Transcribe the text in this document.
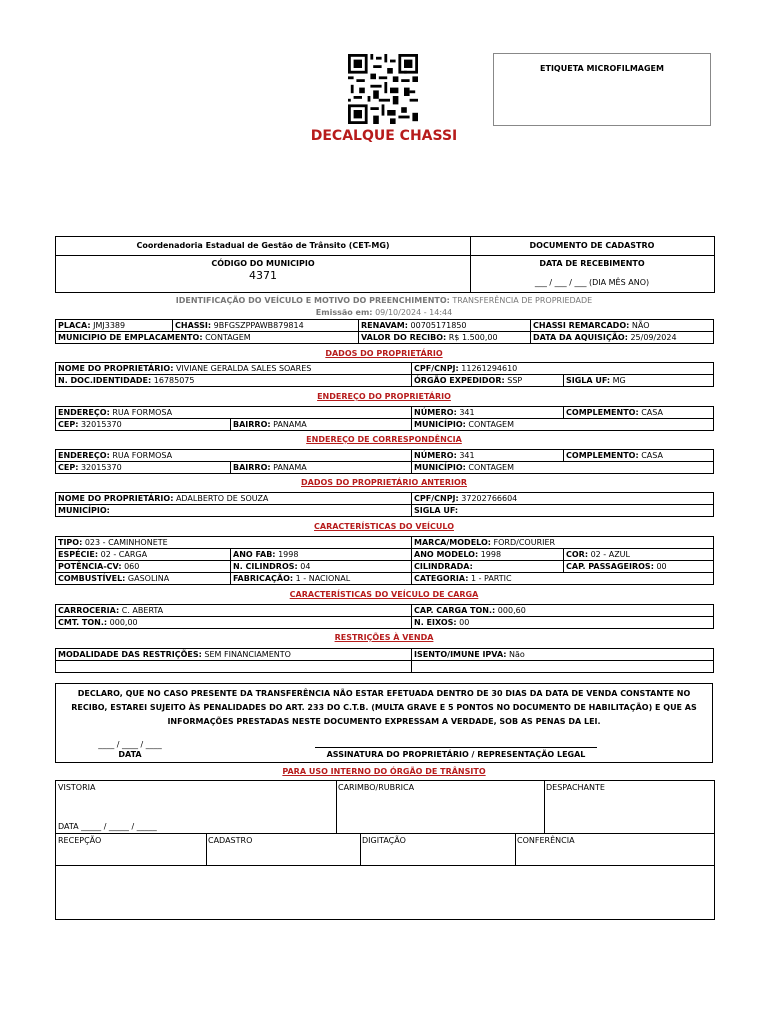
DECALQUE CHASSI
ETIQUETA MICROFILMAGEM
Coordenadoria Estadual de Gestão de Trânsito (CET-MG)	DOCUMENTO DE CADASTRO
CÓDIGO DO MUNICIPIO
4371
DATA DE RECEBIMENTO
___ / ___ / ___ (DIA MÊS ANO)
IDENTIFICAÇÃO DO VEÍCULO E MOTIVO DO PREENCHIMENTO: TRANSFERÊNCIA DE PROPRIEDADE
Emissão em: 09/10/2024 - 14:44
PLACA: JMJ3389	CHASSI: 9BFGSZPPAWB879814	RENAVAM: 00705171850	CHASSI REMARCADO: NÃO
MUNICIPIO DE EMPLACAMENTO: CONTAGEM		VALOR DO RECIBO: R$ 1.500,00	DATA DA AQUISIÇÃO: 25/09/2024
DADOS DO PROPRIETÁRIO
NOME DO PROPRIETÁRIO: VIVIANE GERALDA SALES SOARES	CPF/CNPJ: 11261294610	
N. DOC.IDENTIDADE: 16785075	ÓRGÃO EXPEDIDOR: SSP	SIGLA UF: MG
ENDEREÇO DO PROPRIETÁRIO
ENDEREÇO: RUA FORMOSA		NÚMERO: 341	COMPLEMENTO: CASA
CEP: 32015370	BAIRRO: PANAMA	MUNICÍPIO: CONTAGEM	
ENDEREÇO DE CORRESPONDÊNCIA
ENDEREÇO: RUA FORMOSA		NÚMERO: 341	COMPLEMENTO: CASA
CEP: 32015370	BAIRRO: PANAMA	MUNICÍPIO: CONTAGEM	
DADOS DO PROPRIETÁRIO ANTERIOR
NOME DO PROPRIETÁRIO: ADALBERTO DE SOUZA	CPF/CNPJ: 37202766604
MUNICÍPIO:	SIGLA UF:
CARACTERÍSTICAS DO VEÍCULO
TIPO: 023 - CAMINHONETE		MARCA/MODELO: FORD/COURIER	
ESPÉCIE: 02 - CARGA	ANO FAB: 1998	ANO MODELO: 1998	COR: 02 - AZUL
POTÊNCIA-CV: 060	N. CILINDROS: 04	CILINDRADA:	CAP. PASSAGEIROS: 00
COMBUSTÍVEL: GASOLINA	FABRICAÇÃO: 1 - NACIONAL	CATEGORIA: 1 - PARTIC	
CARACTERÍSTICAS DO VEÍCULO DE CARGA
CARROCERIA: C. ABERTA	CAP. CARGA TON.: 000,60
CMT. TON.: 000,00	N. EIXOS: 00
RESTRIÇÕES À VENDA
MODALIDADE DAS RESTRIÇÕES: SEM FINANCIAMENTO	ISENTO/IMUNE IPVA: Não

DECLARO, QUE NO CASO PRESENTE DA TRANSFERÊNCIA NÃO ESTAR EFETUADA DENTRO DE 30 DIAS DA DATA DE VENDA CONSTANTE NO RECIBO, ESTAREI SUJEITO ÀS PENALIDADES DO ART. 233 DO C.T.B. (MULTA GRAVE E 5 PONTOS NO DOCUMENTO DE HABILITAÇÃO) E QUE AS INFORMAÇÕES PRESTADAS NESTE DOCUMENTO EXPRESSAM A VERDADE, SOB AS PENAS DA LEI.

____ / ____ / ____
DATA	ASSINATURA DO PROPRIETÁRIO / REPRESENTAÇÃO LEGAL
PARA USO INTERNO DO ÓRGÃO DE TRÂNSITO
VISTORIA	CARIMBO/RUBRICA	DESPACHANTE
DATA _____ / _____ / _____
RECEPÇÃO	CADASTRO	DIGITAÇÃO	CONFERÊNCIA
